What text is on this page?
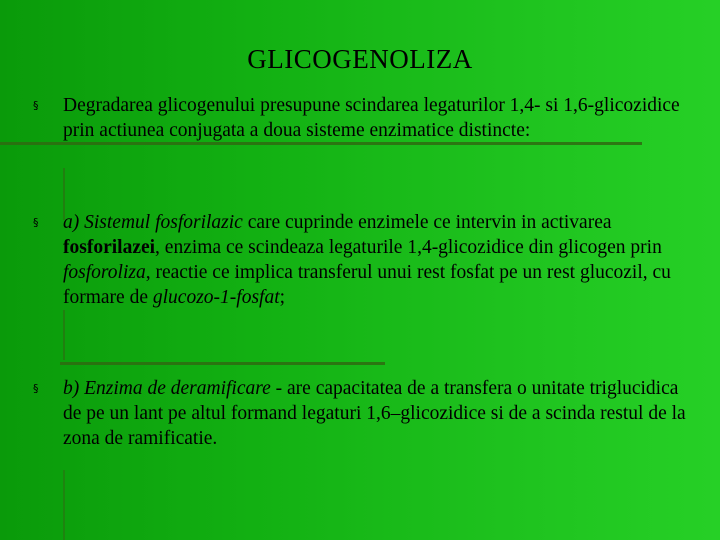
GLICOGENOLIZA
§ Degradarea glicogenului presupune scindarea legaturilor 1,4- si 1,6-glicozidice prin actiunea conjugata a doua sisteme enzimatice distincte:
§ a) Sistemul fosforilazic care cuprinde enzimele ce intervin in activarea fosforilazei, enzima ce scindeaza legaturile 1,4-glicozidice din glicogen prin fosforoliza, reactie ce implica transferul unui rest fosfat pe un rest glucozil, cu formare de glucozo-1-fosfat;
§ b) Enzima de deramificare - are capacitatea de a transfera o unitate triglucidica de pe un lant pe altul formand legaturi 1,6–glicozidice si de a scinda restul de la zona de ramificatie.
